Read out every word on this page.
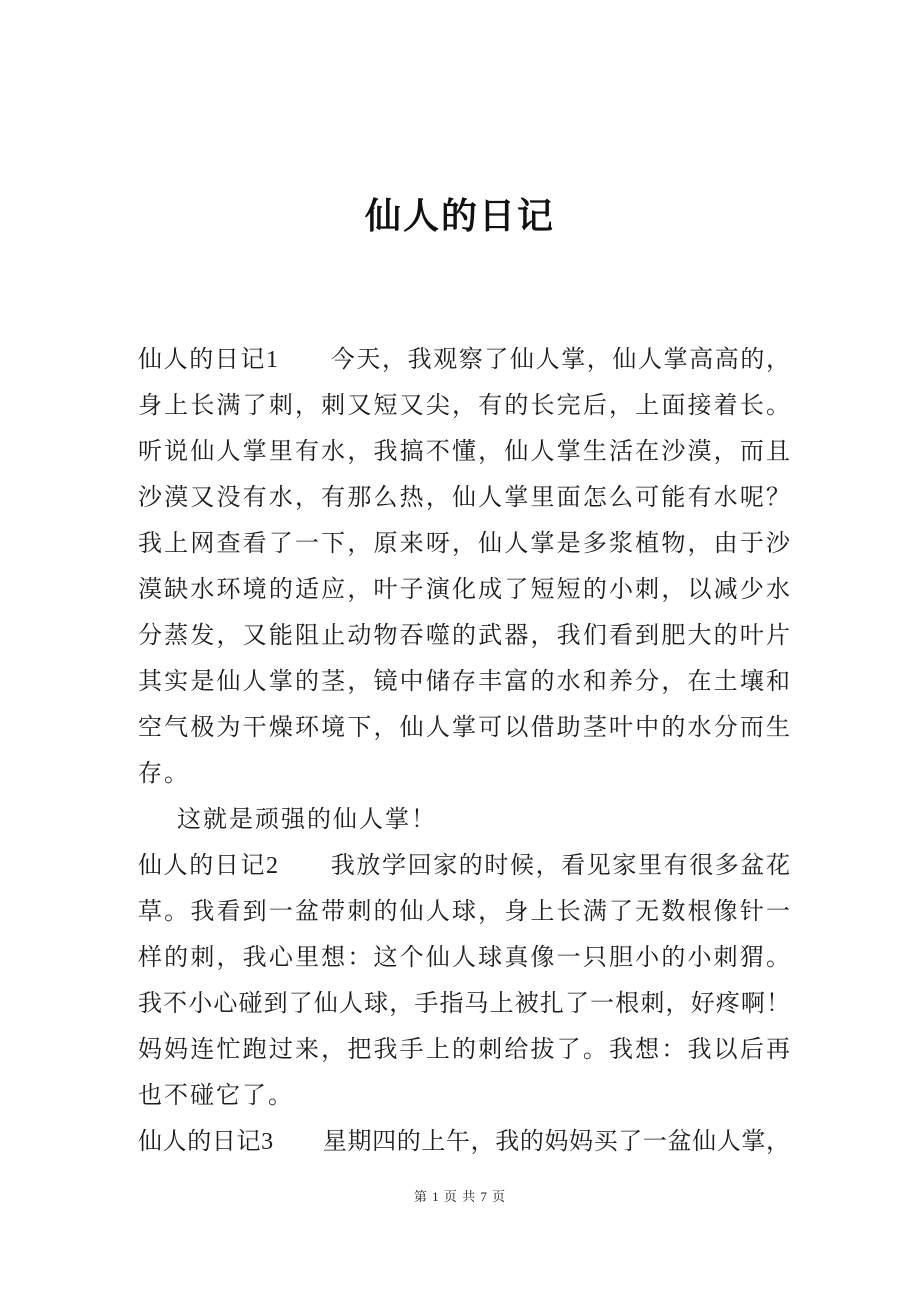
仙人的日记
仙人的日记1　　今天，我观察了仙人掌，仙人掌高高的，
身上长满了刺，刺又短又尖，有的长完后，上面接着长。
听说仙人掌里有水，我搞不懂，仙人掌生活在沙漠，而且
沙漠又没有水，有那么热，仙人掌里面怎么可能有水呢？
我上网查看了一下，原来呀，仙人掌是多浆植物，由于沙
漠缺水环境的适应，叶子演化成了短短的小刺，以减少水
分蒸发，又能阻止动物吞噬的武器，我们看到肥大的叶片
其实是仙人掌的茎，镜中储存丰富的水和养分，在土壤和
空气极为干燥环境下，仙人掌可以借助茎叶中的水分而生
存。
这就是顽强的仙人掌！
仙人的日记2　　我放学回家的时候，看见家里有很多盆花
草。我看到一盆带刺的仙人球，身上长满了无数根像针一
样的刺，我心里想：这个仙人球真像一只胆小的小刺猬。
我不小心碰到了仙人球，手指马上被扎了一根刺，好疼啊！
妈妈连忙跑过来，把我手上的刺给拔了。我想：我以后再
也不碰它了。
仙人的日记3　　星期四的上午，我的妈妈买了一盆仙人掌，
第 1 页 共 7 页
